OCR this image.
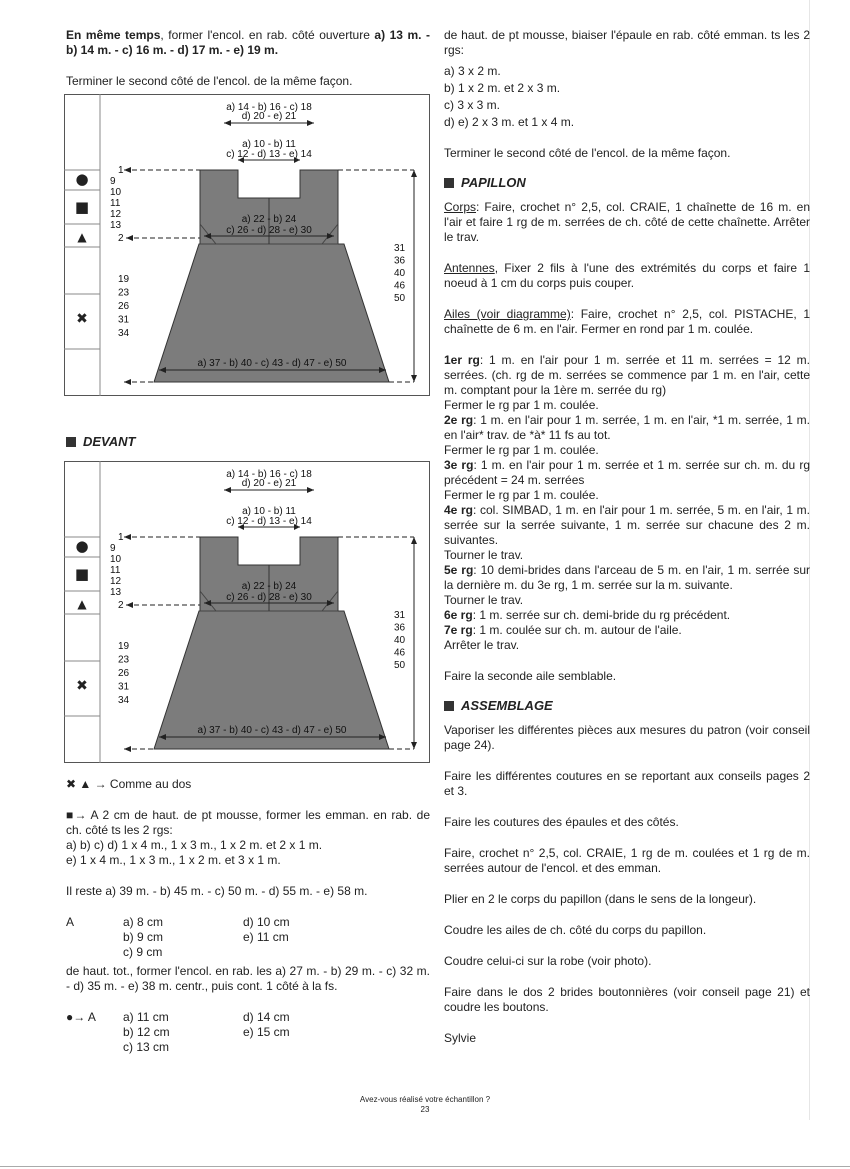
En même temps, former l'encol. en rab. côté ouverture a) 13 m. - b) 14 m. - c) 16 m. - d) 17 m. - e) 19 m.

Terminer le second côté de l'encol. de la même façon.

a) 14 - b) 16 - c) 18
d) 20 - e) 21
a) 10 - b) 11
c) 12 - d) 13 - e) 14
a) 22 - b) 24
c) 26 - d) 28 - e) 30
a) 37 - b) 40 - c) 43 - d) 47 - e) 50
1
9
10
11
12
13
2
19
23
26
31
34
31
36
40
46
50
●
■
▲
✖
DEVANT
a) 14 - b) 16 - c) 18
d) 20 - e) 21
a) 10 - b) 11
c) 12 - d) 13 - e) 14
a) 22 - b) 24
c) 26 - d) 28 - e) 30
a) 37 - b) 40 - c) 43 - d) 47 - e) 50
1
9
10
11
12
13
2
19
23
26
31
34
31
36
40
46
50
●
■
▲
✖

✖ ▲ → Comme au dos

■→ A 2 cm de haut. de pt mousse, former les emman. en rab. de ch. côté ts les 2 rgs:

a) b) c) d) 1 x 4 m., 1 x 3 m., 1 x 2 m. et 2 x 1 m.

e) 1 x 4 m., 1 x 3 m., 1 x 2 m. et 3 x 1 m.

Il reste a) 39 m. - b) 45 m. - c) 50 m. - d) 55 m. - e) 58 m.

A	a) 8 cm	d) 10 cm
b) 9 cm	e) 11 cm
c) 9 cm

de haut. tot., former l'encol. en rab. les a) 27 m. - b) 29 m. - c) 32 m. - d) 35 m. - e) 38 m. centr., puis cont. 1 côté à la fs.

●→ A	a) 11 cm	d) 14 cm
b) 12 cm	e) 15 cm
c) 13 cm

de haut. de pt mousse, biaiser l'épaule en rab. côté emman. ts les 2 rgs:

a) 3 x 2 m.

b) 1 x 2 m. et 2 x 3 m.

c) 3 x 3 m.

d) e) 2 x 3 m. et 1 x 4 m.

Terminer le second côté de l'encol. de la même façon.

PAPILLON

Corps: Faire, crochet n° 2,5, col. CRAIE, 1 chaînette de 16 m. en l'air et faire 1 rg de m. serrées de ch. côté de cette chaînette. Arrêter le trav.

Antennes, Fixer 2 fils à l'une des extrémités du corps et faire 1 noeud à 1 cm du corps puis couper.

Ailes (voir diagramme): Faire, crochet n° 2,5, col. PISTACHE, 1 chaînette de 6 m. en l'air. Fermer en rond par 1 m. coulée.

1er rg: 1 m. en l'air pour 1 m. serrée et 11 m. serrées = 12 m. serrées. (ch. rg de m. serrées se commence par 1 m. en l'air, cette m. comptant pour la 1ère m. serrée du rg)

Fermer le rg par 1 m. coulée.

2e rg: 1 m. en l'air pour 1 m. serrée, 1 m. en l'air, *1 m. serrée, 1 m. en l'air* trav. de *à* 11 fs au tot.

Fermer le rg par 1 m. coulée.

3e rg: 1 m. en l'air pour 1 m. serrée et 1 m. serrée sur ch. m. du rg précédent = 24 m. serrées

Fermer le rg par 1 m. coulée.

4e rg: col. SIMBAD, 1 m. en l'air pour 1 m. serrée, 5 m. en l'air, 1 m. serrée sur la serrée suivante, 1 m. serrée sur chacune des 2 m. suivantes.

Tourner le trav.

5e rg: 10 demi-brides dans l'arceau de 5 m. en l'air, 1 m. serrée sur la dernière m. du 3e rg, 1 m. serrée sur la m. suivante.

Tourner le trav.

6e rg: 1 m. serrée sur ch. demi-bride du rg précédent.

7e rg: 1 m. coulée sur ch. m. autour de l'aile.

Arrêter le trav.

Faire la seconde aile semblable.

ASSEMBLAGE

Vaporiser les différentes pièces aux mesures du patron (voir conseil page 24).

Faire les différentes coutures en se reportant aux conseils pages 2 et 3.

Faire les coutures des épaules et des côtés.

Faire, crochet n° 2,5, col. CRAIE, 1 rg de m. coulées et 1 rg de m. serrées autour de l'encol. et des emman.

Plier en 2 le corps du papillon (dans le sens de la longeur).

Coudre les ailes de ch. côté du corps du papillon.

Coudre celui-ci sur la robe (voir photo).

Faire dans le dos 2 brides boutonnières (voir conseil page 21) et coudre les boutons.

Sylvie

Avez-vous réalisé votre échantillon ?
23
